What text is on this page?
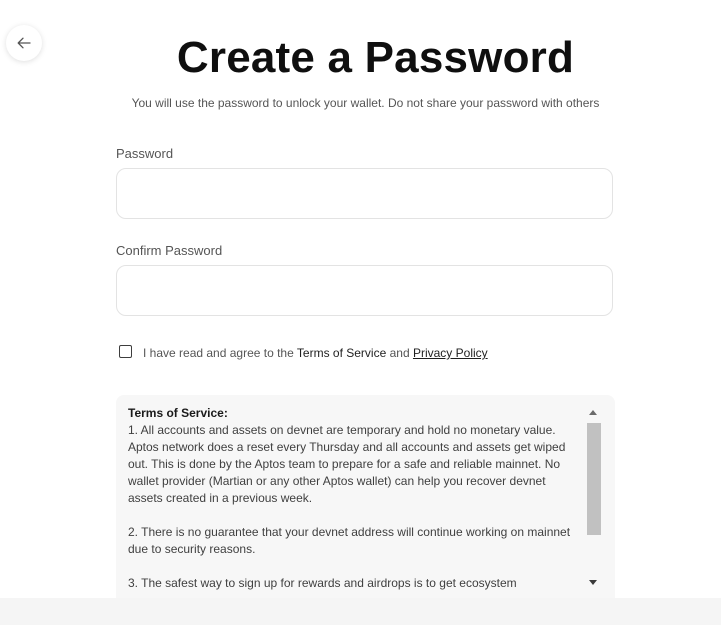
Create a Password
You will use the password to unlock your wallet. Do not share your password with others
Password
Confirm Password
I have read and agree to the Terms of Service and Privacy Policy
Terms of Service:

1. All accounts and assets on devnet are temporary and hold no monetary value. Aptos network does a reset every Thursday and all accounts and assets get wiped out. This is done by the Aptos team to prepare for a safe and reliable mainnet. No wallet provider (Martian or any other Aptos wallet) can help you recover devnet assets created in a previous week.

2. There is no guarantee that your devnet address will continue working on mainnet due to security reasons.

3. The safest way to sign up for rewards and airdrops is to get ecosystem
